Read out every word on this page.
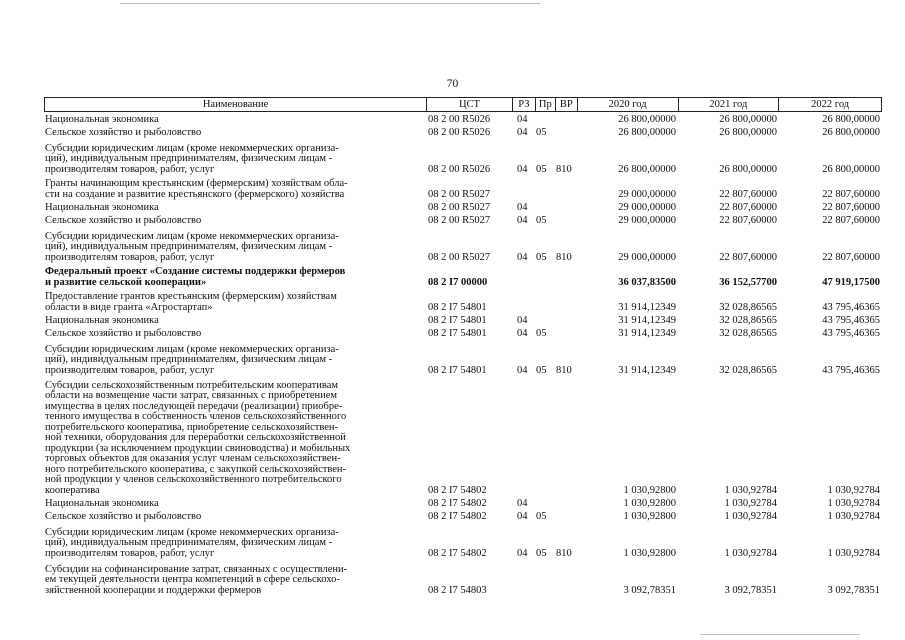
70
Наименование	ЦСТ	РЗ Пр ВР	2020 год	2021 год	2022 год
Национальная экономика	08 2 00 R5026	04	26 800,00000	26 800,00000	26 800,00000
Сельское хозяйство и рыболовство	08 2 00 R5026	04 05	26 800,00000	26 800,00000	26 800,00000
Субсидии юридическим лицам (кроме некоммерческих организа-
ций), индивидуальным предпринимателям, физическим лицам -
производителям товаров, работ, услуг	08 2 00 R5026	04 05 810	26 800,00000	26 800,00000	26 800,00000
Гранты начинающим крестьянским (фермерским) хозяйствам обла-
сти на создание и развитие крестьянского (фермерского) хозяйства	08 2 00 R5027	29 000,00000	22 807,60000	22 807,60000
Национальная экономика	08 2 00 R5027	04	29 000,00000	22 807,60000	22 807,60000
Сельское хозяйство и рыболовство	08 2 00 R5027	04 05	29 000,00000	22 807,60000	22 807,60000
Субсидии юридическим лицам (кроме некоммерческих организа-
ций), индивидуальным предпринимателям, физическим лицам -
производителям товаров, работ, услуг	08 2 00 R5027	04 05 810	29 000,00000	22 807,60000	22 807,60000
Федеральный проект «Создание системы поддержки фермеров
и развитие сельской кооперации»	08 2 I7 00000	36 037,83500	36 152,57700	47 919,17500
Предоставление грантов крестьянским (фермерским) хозяйствам
области в виде гранта «Агростартап»	08 2 I7 54801	31 914,12349	32 028,86565	43 795,46365
Национальная экономика	08 2 I7 54801	04	31 914,12349	32 028,86565	43 795,46365
Сельское хозяйство и рыболовство	08 2 I7 54801	04 05	31 914,12349	32 028,86565	43 795,46365
Субсидии юридическим лицам (кроме некоммерческих организа-
ций), индивидуальным предпринимателям, физическим лицам -
производителям товаров, работ, услуг	08 2 I7 54801	04 05 810	31 914,12349	32 028,86565	43 795,46365
Субсидии сельскохозяйственным потребительским кооперативам
области на возмещение части затрат, связанных с приобретением
имущества в целях последующей передачи (реализации) приобре-
тенного имущества в собственность членов сельскохозяйственного
потребительского кооператива, приобретение сельскохозяйствен-
ной техники, оборудования для переработки сельскохозяйственной
продукции (за исключением продукции свиноводства) и мобильных
торговых объектов для оказания услуг членам сельскохозяйствен-
ного потребительского кооператива, с закупкой сельскохозяйствен-
ной продукции у членов сельскохозяйственного потребительского
кооператива	08 2 I7 54802	1 030,92800	1 030,92784	1 030,92784
Национальная экономика	08 2 I7 54802	04	1 030,92800	1 030,92784	1 030,92784
Сельское хозяйство и рыболовство	08 2 I7 54802	04 05	1 030,92800	1 030,92784	1 030,92784
Субсидии юридическим лицам (кроме некоммерческих организа-
ций), индивидуальным предпринимателям, физическим лицам -
производителям товаров, работ, услуг	08 2 I7 54802	04 05 810	1 030,92800	1 030,92784	1 030,92784
Субсидии на софинансирование затрат, связанных с осуществлени-
ем текущей деятельности центра компетенций в сфере сельскохо-
зяйственной кооперации и поддержки фермеров	08 2 I7 54803	3 092,78351	3 092,78351	3 092,78351
